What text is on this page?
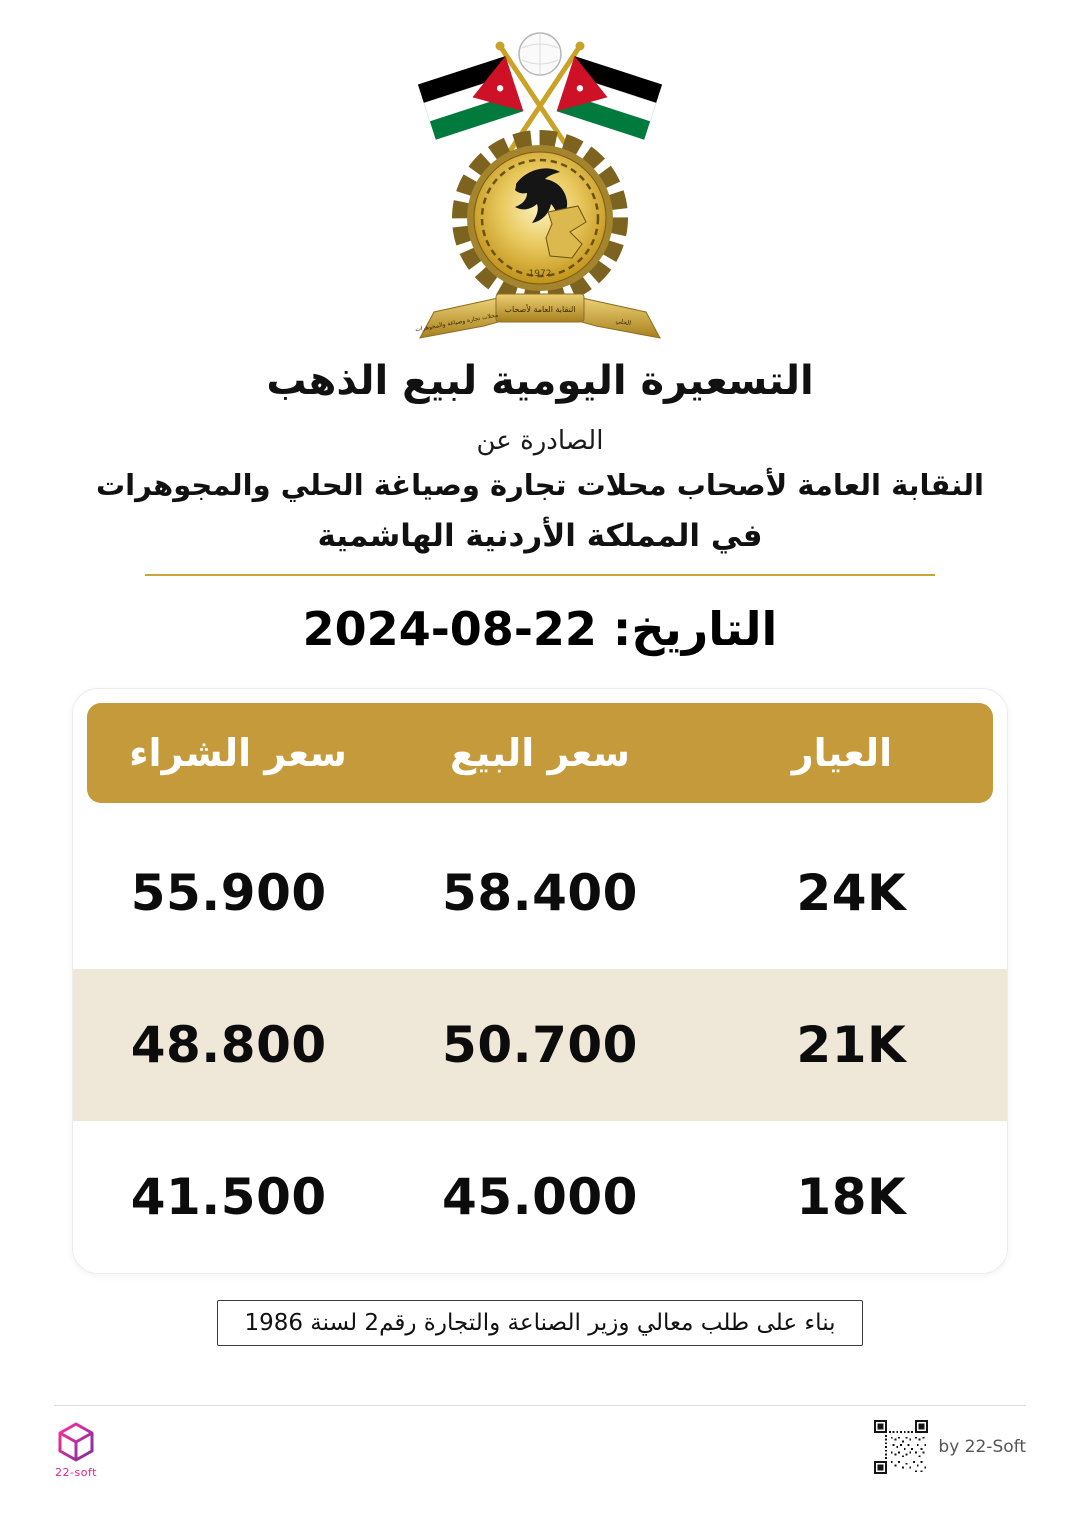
1972
النقابة العامة لأصحاب
محلات تجارة وصياغة والمجوهرات	الحلي
التسعيرة اليومية لبيع الذهب
الصادرة عن
النقابة العامة لأصحاب محلات تجارة وصياغة الحلي والمجوهرات
في المملكة الأردنية الهاشمية
التاريخ: 22-08-2024
العيار
سعر البيع
سعر الشراء
24K
58.400
55.900
21K
50.700
48.800
18K
45.000
41.500
بناء على طلب معالي وزير الصناعة والتجارة رقم2 لسنة 1986
22-soft
by 22-Soft
